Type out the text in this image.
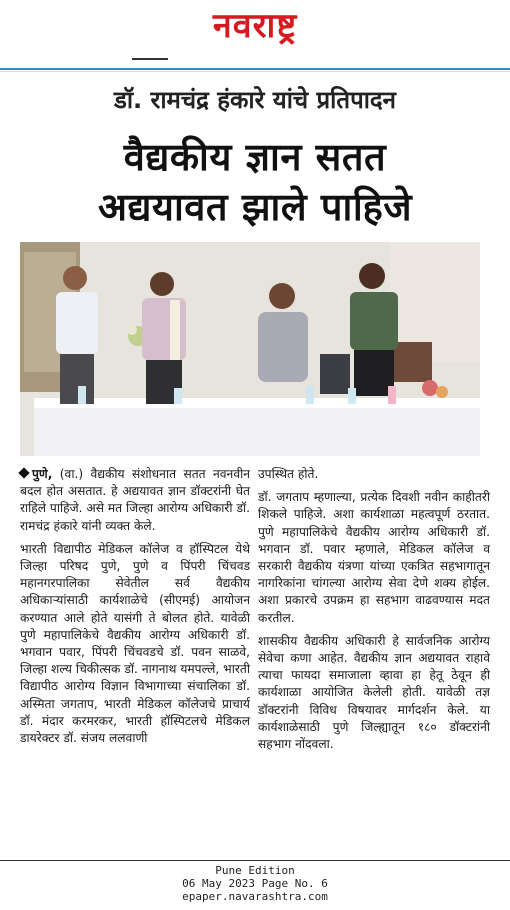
नवराष्ट्र
डॉ. रामचंद्र हंकारे यांचे प्रतिपादन
वैद्यकीय ज्ञान सतत
अद्ययावत झाले पाहिजे

पुणे, (वा.) वैद्यकीय संशोधनात सतत नवनवीन बदल होत असतात. हे अद्ययावत ज्ञान डॉक्टरांनी घेत राहिले पाहिजे. असे मत जिल्हा आरोग्य अधिकारी डॉ. रामचंद्र हंकारे यांनी व्यक्त केले.

भारती विद्यापीठ मेडिकल कॉलेज व हॉस्पिटल येथे जिल्हा परिषद पुणे, पुणे व पिंपरी चिंचवड महानगरपालिका सेवेतील सर्व वैद्यकीय अधिकाऱ्यांसाठी कार्यशाळेचे (सीएमई) आयोजन करण्यात आले होते यासंगी ते बोलत होते. यावेळी पुणे महापालिकेचे वैद्यकीय आरोग्य अधिकारी डॉ. भगवान पवार, पिंपरी चिंचवडचे डॉ. पवन साळवे, जिल्हा शल्य चिकीत्सक डॉ. नागनाथ यमपल्ले, भारती विद्यापीठ आरोग्य विज्ञान विभागाच्या संचालिका डॉ. अस्मिता जगताप, भारती मेडिकल कॉलेजचे प्राचार्य डॉ. मंदार करमरकर, भारती हॉस्पिटलचे मेडिकल डायरेक्टर डॉ. संजय ललवाणी

उपस्थित होते.

डॉ. जगताप म्हणाल्या, प्रत्येक दिवशी नवीन काहीतरी शिकले पाहिजे. अशा कार्यशाळा महत्वपूर्ण ठरतात. पुणे महापालिकेचे वैद्यकीय आरोग्य अधिकारी डॉ. भगवान डॉ. पवार म्हणाले, मेडिकल कॉलेज व सरकारी वैद्यकीय यंत्रणा यांच्या एकत्रित सहभागातून नागरिकांना चांगल्या आरोग्य सेवा देणे शक्य होईल. अशा प्रकारचे उपक्रम हा सहभाग वाढवण्यास मदत करतील.

शासकीय वैद्यकीय अधिकारी हे सार्वजनिक आरोग्य सेवेचा कणा आहेत. वैद्यकीय ज्ञान अद्ययावत राहावे त्याचा फायदा समाजाला व्हावा हा हेतू ठेवून ही कार्यशाळा आयोजित केलेली होती. यावेळी तज्ञ डॉक्टरांनी विविध विषयावर मार्गदर्शन केले. या कार्यशाळेसाठी पुणे जिल्ह्यातून १८० डॉक्टरांनी सहभाग नोंदवला.

Pune Edition
06 May 2023 Page No. 6
epaper.navarashtra.com
